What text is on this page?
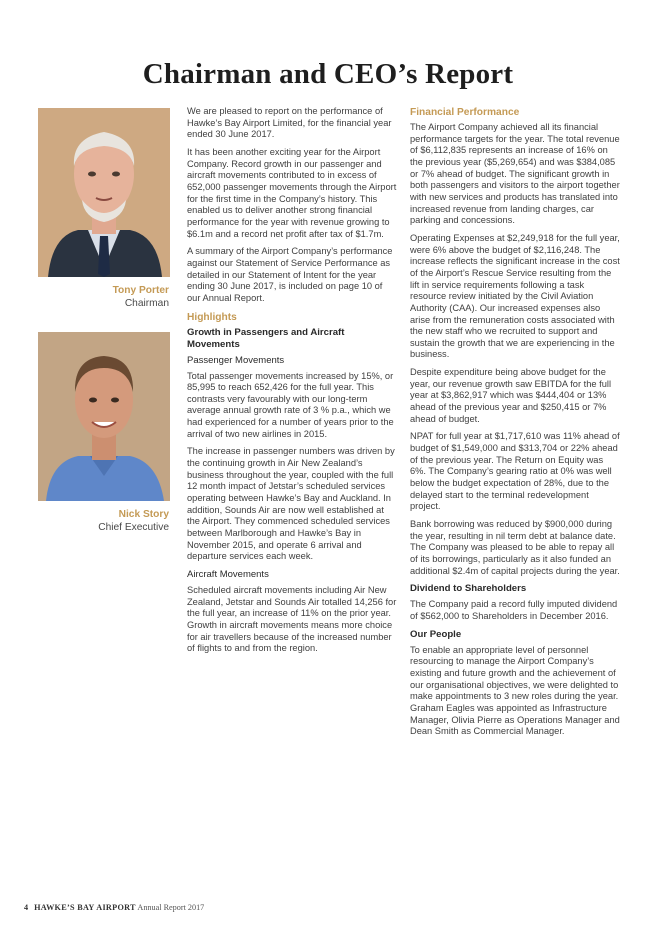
Chairman and CEO’s Report
Tony Porter
Chairman
Nick Story
Chief Executive

We are pleased to report on the performance of Hawke’s Bay Airport Limited, for the financial year ended 30 June 2017.

It has been another exciting year for the Airport Company. Record growth in our passenger and aircraft movements contributed to in excess of 652,000 passenger movements through the Airport for the first time in the Company’s history. This enabled us to deliver another strong financial performance for the year with revenue growing to $6.1m and a record net profit after tax of $1.7m.

A summary of the Airport Company’s performance against our Statement of Service Performance as detailed in our Statement of Intent for the year ending 30 June 2017, is included on page 10 of our Annual Report.

Highlights
Growth in Passengers and Aircraft Movements
Passenger Movements

Total passenger movements increased by 15%, or 85,995 to reach 652,426 for the full year. This contrasts very favourably with our long-term average annual growth rate of 3 % p.a., which we had experienced for a number of years prior to the arrival of two new airlines in 2015.

The increase in passenger numbers was driven by the continuing growth in Air New Zealand’s business throughout the year, coupled with the full 12 month impact of Jetstar’s scheduled services operating between Hawke’s Bay and Auckland. In addition, Sounds Air are now well established at the Airport. They commenced scheduled services between Marlborough and Hawke’s Bay in November 2015, and operate 6 arrival and departure services each week.

Aircraft Movements

Scheduled aircraft movements including Air New Zealand, Jetstar and Sounds Air totalled 14,256 for the full year, an increase of 11% on the prior year. Growth in aircraft movements means more choice for air travellers because of the increased number of flights to and from the region.

Financial Performance

The Airport Company achieved all its financial performance targets for the year. The total revenue of $6,112,835 represents an increase of 16% on the previous year ($5,269,654) and was $384,085 or 7% ahead of budget. The significant growth in both passengers and visitors to the airport together with new services and products has translated into increased revenue from landing charges, car parking and concessions.

Operating Expenses at $2,249,918 for the full year, were 6% above the budget of $2,116,248. The increase reflects the significant increase in the cost of the Airport’s Rescue Service resulting from the lift in service requirements following a task resource review initiated by the Civil Aviation Authority (CAA). Our increased expenses also arise from the remuneration costs associated with the new staff who we recruited to support and sustain the growth that we are experiencing in the business.

Despite expenditure being above budget for the year, our revenue growth saw EBITDA for the full year at $3,862,917 which was $444,404 or 13% ahead of the previous year and $250,415 or 7% ahead of budget.

NPAT for full year at $1,717,610 was 11% ahead of budget of $1,549,000 and $313,704 or 22% ahead of the previous year. The Return on Equity was 6%. The Company’s gearing ratio at 0% was well below the budget expectation of 28%, due to the delayed start to the terminal redevelopment project.

Bank borrowing was reduced by $900,000 during the year, resulting in nil term debt at balance date. The Company was pleased to be able to repay all of its borrowings, particularly as it also funded an additional $2.4m of capital projects during the year.

Dividend to Shareholders

The Company paid a record fully imputed dividend of $562,000 to Shareholders in December 2016.

Our People

To enable an appropriate level of personnel resourcing to manage the Airport Company’s existing and future growth and the achievement of our organisational objectives, we were delighted to make appointments to 3 new roles during the year. Graham Eagles was appointed as Infrastructure Manager, Olivia Pierre as Operations Manager and Dean Smith as Commercial Manager.

4 HAWKE’S BAY AIRPORT Annual Report 2017
